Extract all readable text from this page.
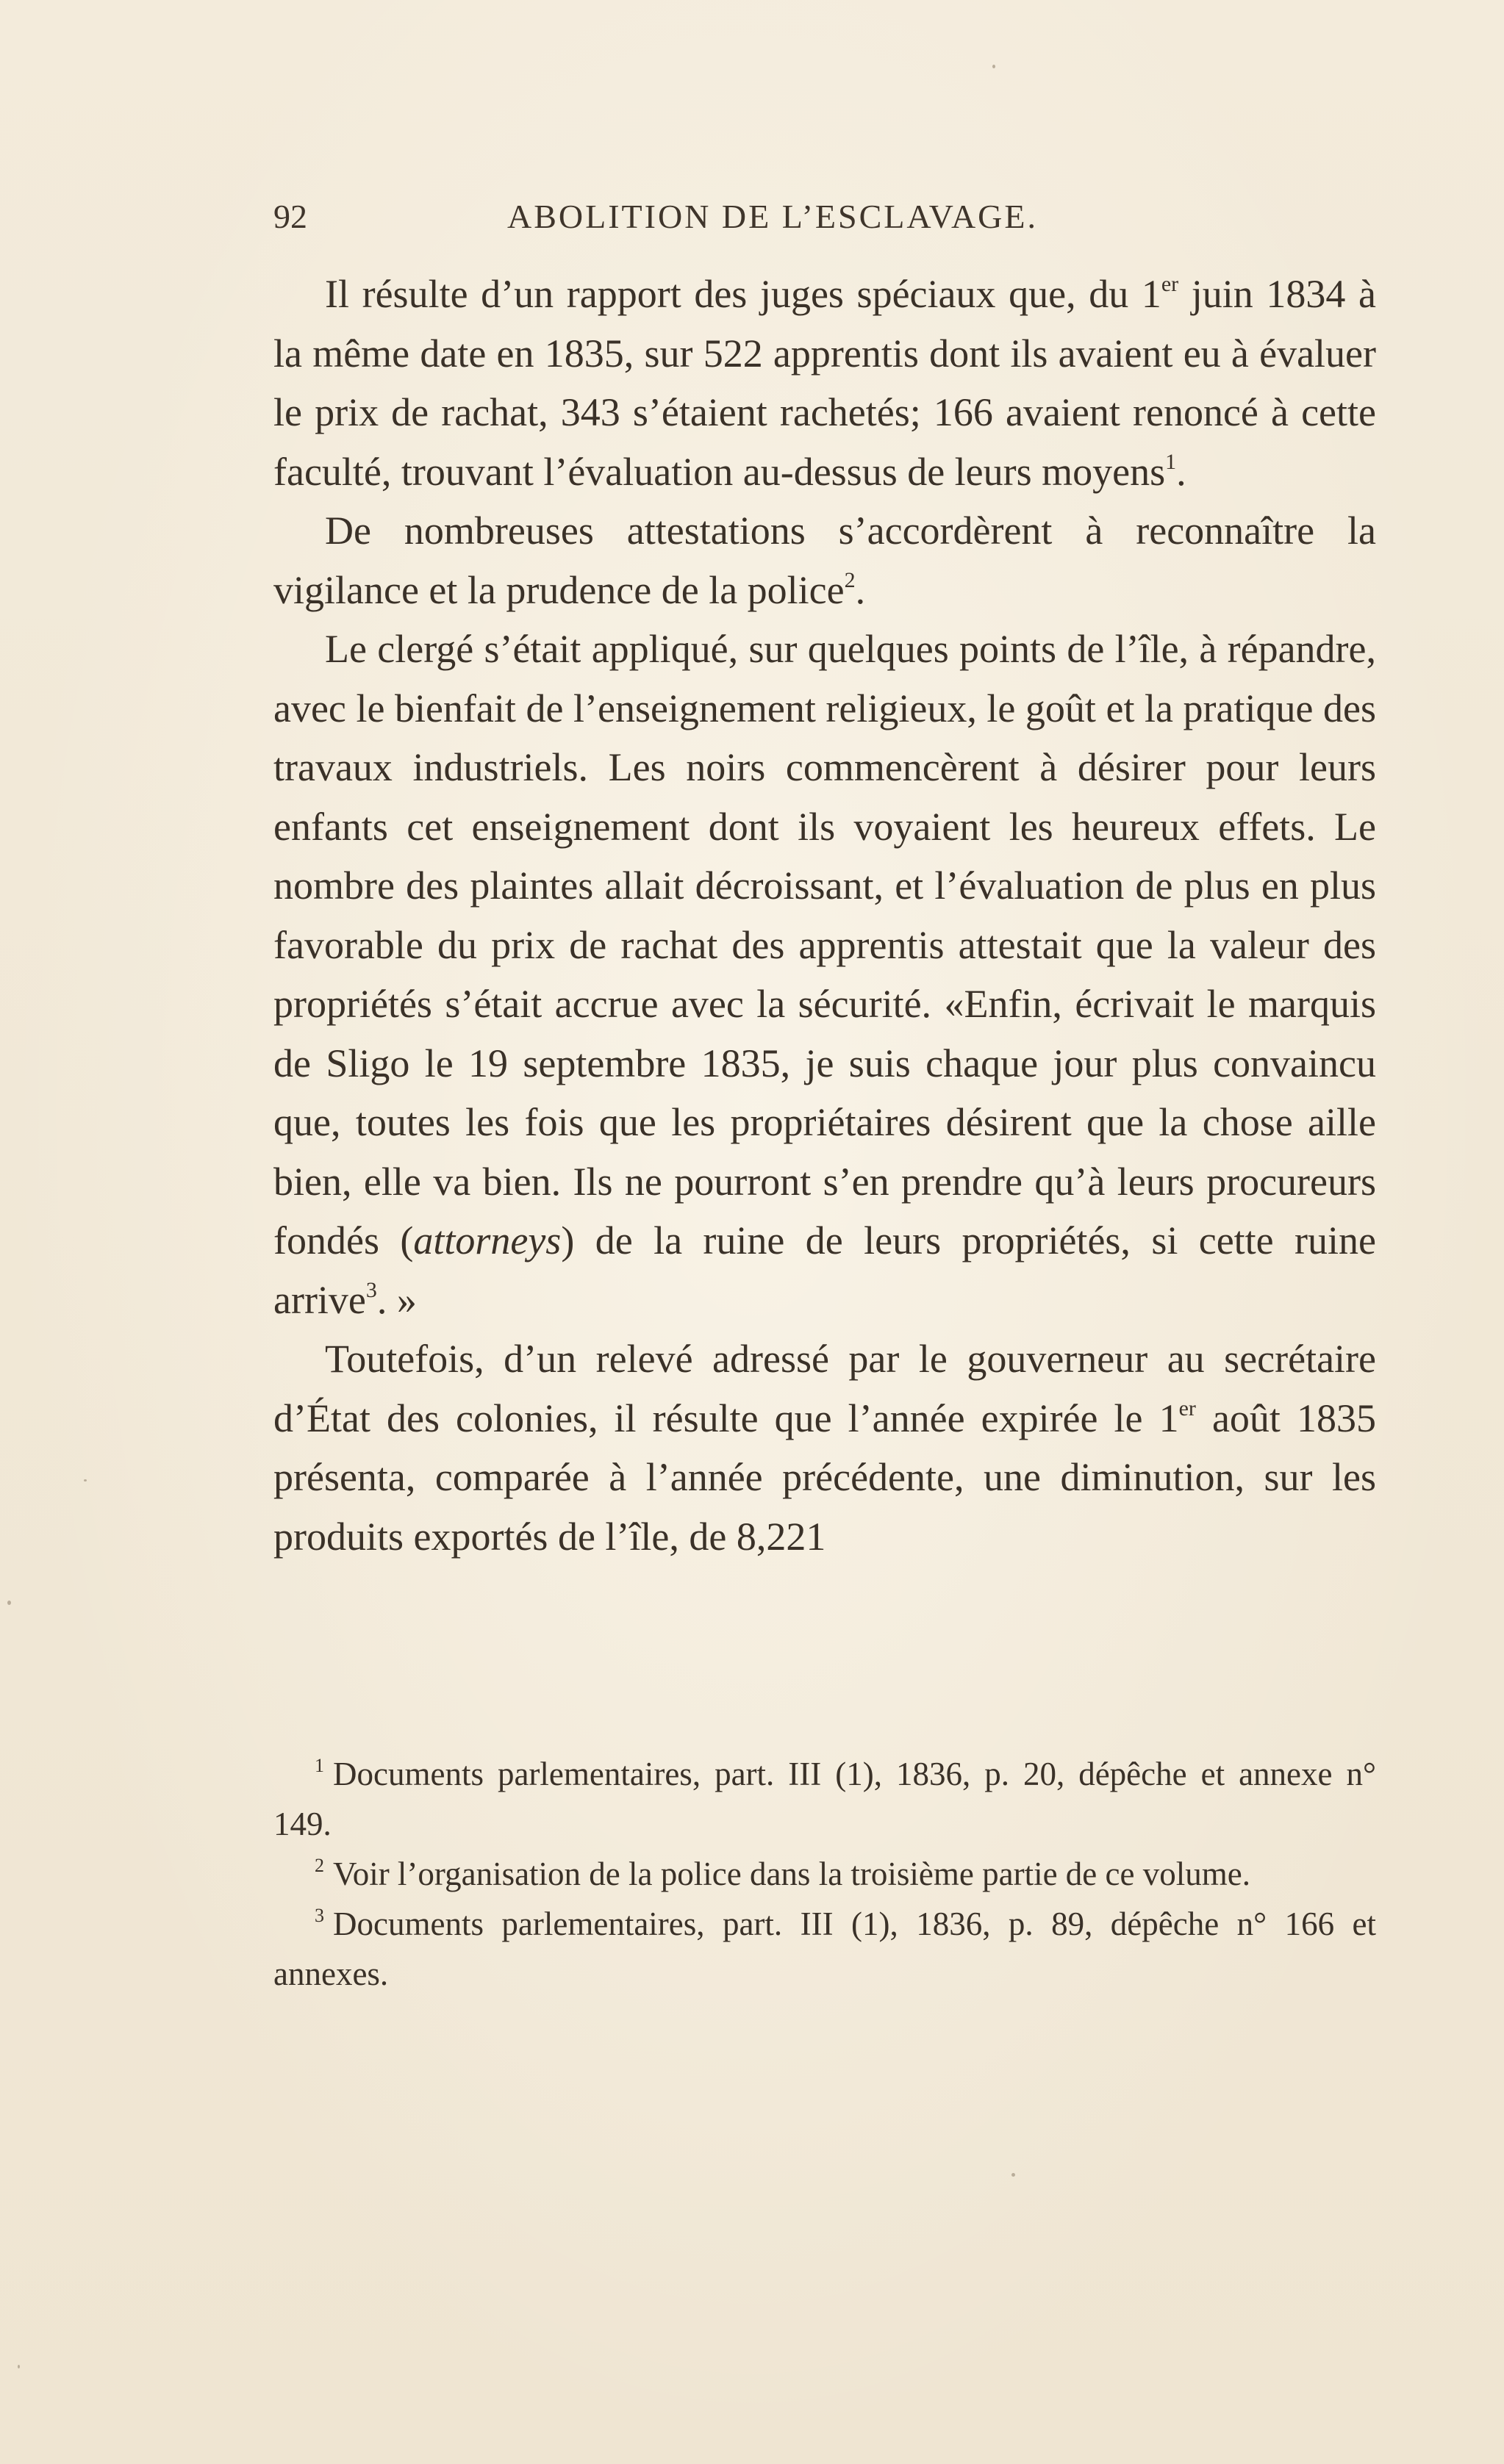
92	ABOLITION DE L’ESCLAVAGE.

Il résulte d’un rapport des juges spéciaux que, du 1er juin 1834 à la même date en 1835, sur 522 apprentis dont ils avaient eu à évaluer le prix de rachat, 343 s’étaient rachetés; 166 avaient renoncé à cette faculté, trouvant l’évaluation au-dessus de leurs moyens$^1$.

De nombreuses attestations s’accordèrent à reconnaître la vigilance et la prudence de la police$^2$.

Le clergé s’était appliqué, sur quelques points de l’île, à répandre, avec le bienfait de l’enseignement religieux, le goût et la pratique des travaux industriels. Les noirs commencèrent à désirer pour leurs enfants cet enseignement dont ils voyaient les heureux effets. Le nombre des plaintes allait décroissant, et l’évaluation de plus en plus favorable du prix de rachat des apprentis attestait que la valeur des propriétés s’était accrue avec la sécurité. «Enfin, écrivait le marquis de Sligo le 19 septembre 1835, je suis chaque jour plus convaincu que, toutes les fois que les propriétaires désirent que la chose aille bien, elle va bien. Ils ne pourront s’en prendre qu’à leurs procureurs fondés (attorneys) de la ruine de leurs propriétés, si cette ruine arrive$^3$. »

Toutefois, d’un relevé adressé par le gouverneur au secrétaire d’État des colonies, il résulte que l’année expirée le 1er août 1835 présenta, comparée à l’année précédente, une diminution, sur les produits exportés de l’île, de 8,221

$^1$ Documents parlementaires, part. III (1), 1836, p. 20, dépêche et annexe n° 149.

$^2$ Voir l’organisation de la police dans la troisième partie de ce volume.

$^3$ Documents parlementaires, part. III (1), 1836, p. 89, dépêche n° 166 et annexes.
